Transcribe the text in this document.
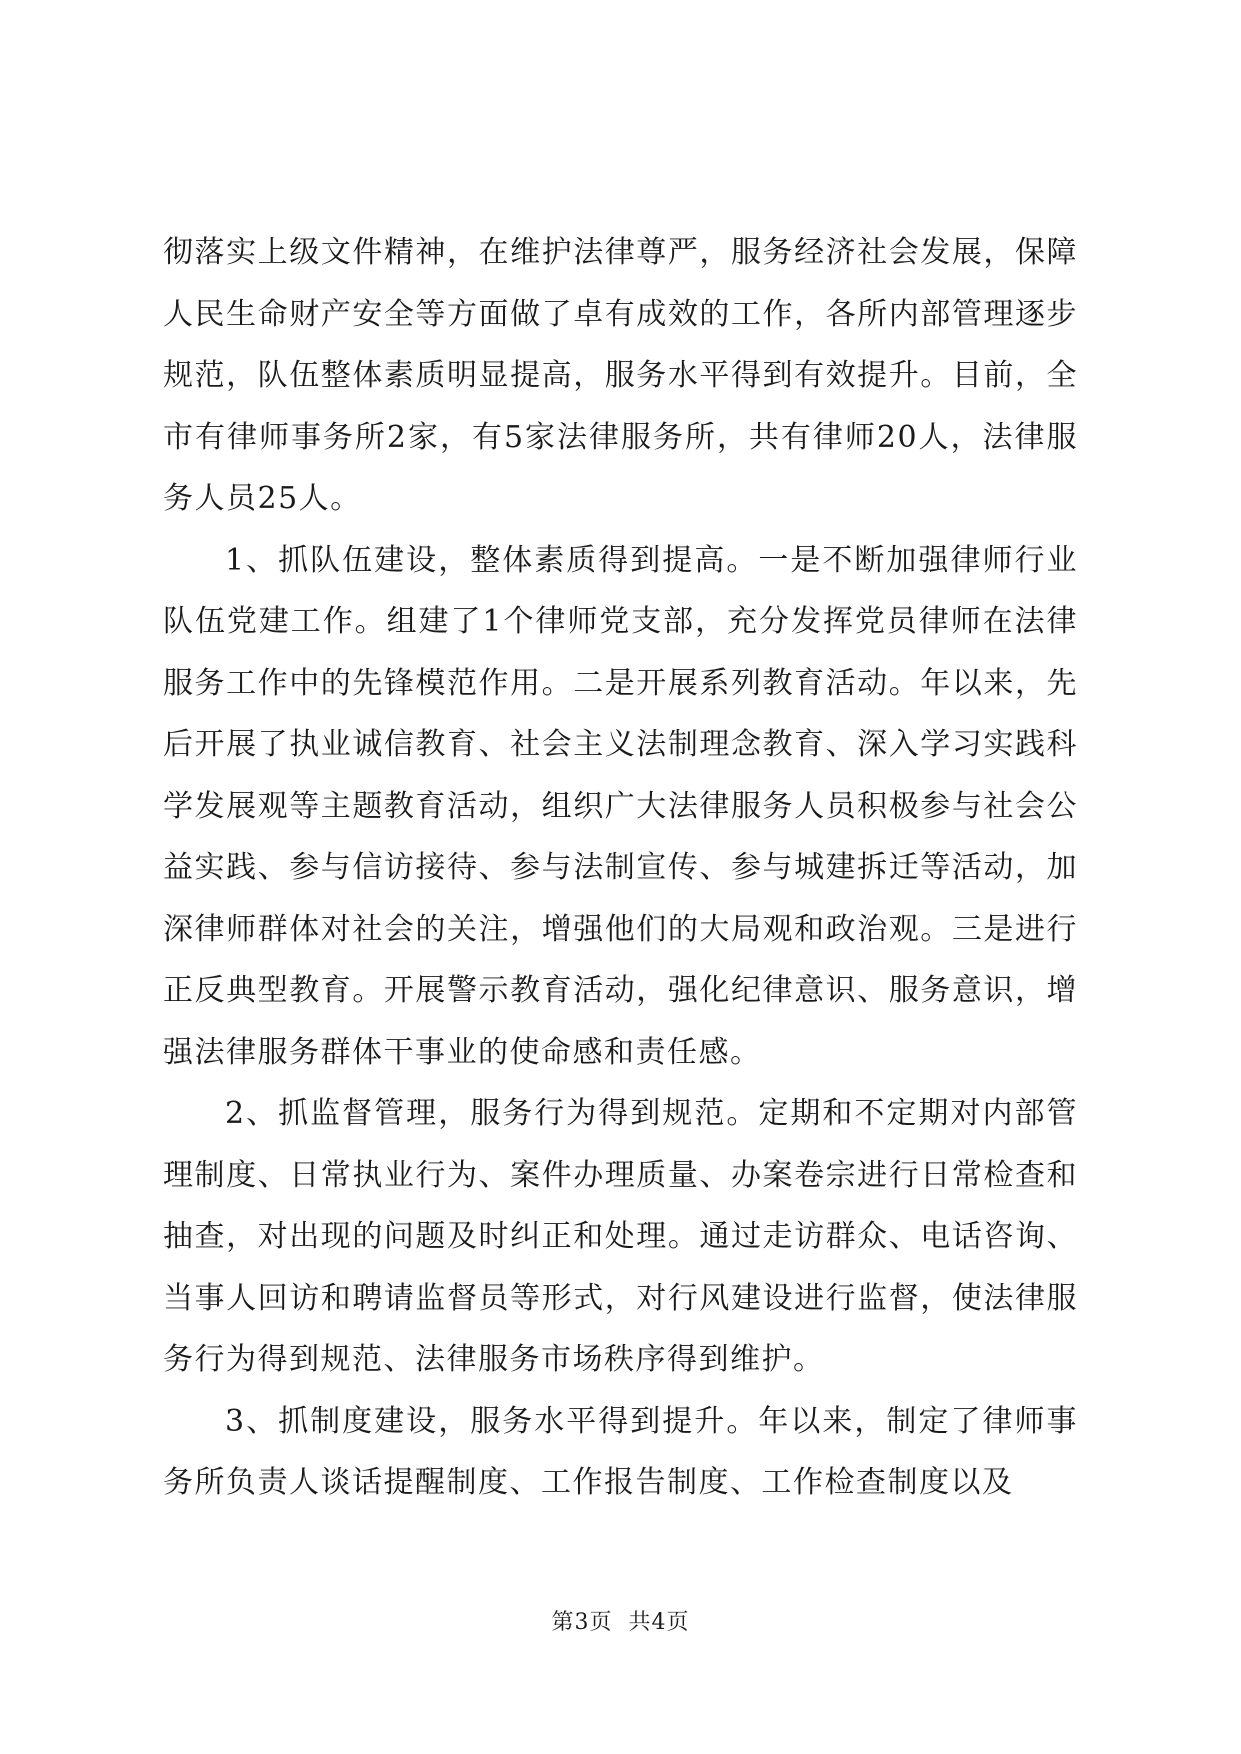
彻落实上级文件精神，在维护法律尊严，服务经济社会发展，保障人民生命财产安全等方面做了卓有成效的工作，各所内部管理逐步规范，队伍整体素质明显提高，服务水平得到有效提升。目前，全市有律师事务所2家，有5家法律服务所，共有律师20人，法律服务人员25人。

1、抓队伍建设，整体素质得到提高。一是不断加强律师行业队伍党建工作。组建了1个律师党支部，充分发挥党员律师在法律服务工作中的先锋模范作用。二是开展系列教育活动。年以来，先后开展了执业诚信教育、社会主义法制理念教育、深入学习实践科学发展观等主题教育活动，组织广大法律服务人员积极参与社会公益实践、参与信访接待、参与法制宣传、参与城建拆迁等活动，加深律师群体对社会的关注，增强他们的大局观和政治观。三是进行正反典型教育。开展警示教育活动，强化纪律意识、服务意识，增强法律服务群体干事业的使命感和责任感。

2、抓监督管理，服务行为得到规范。定期和不定期对内部管理制度、日常执业行为、案件办理质量、办案卷宗进行日常检查和抽查，对出现的问题及时纠正和处理。通过走访群众、电话咨询、当事人回访和聘请监督员等形式，对行风建设进行监督，使法律服务行为得到规范、法律服务市场秩序得到维护。

3、抓制度建设，服务水平得到提升。年以来，制定了律师事务所负责人谈话提醒制度、工作报告制度、工作检查制度以及

第3页  共4页
